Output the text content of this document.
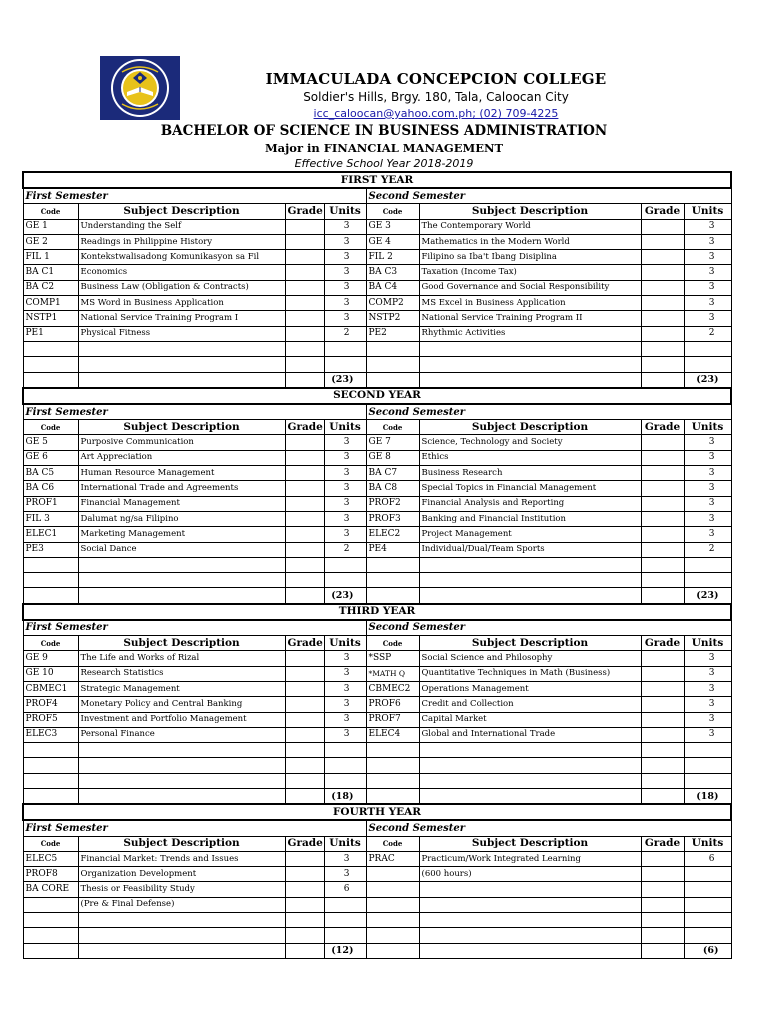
IMMACULADA CONCEPCION COLLEGE
Soldier's Hills, Brgy. 180, Tala, Caloocan City
icc_caloocan@yahoo.com.ph; (02) 709-4225
BACHELOR OF SCIENCE IN BUSINESS ADMINISTRATION
Major in FINANCIAL MANAGEMENT
Effective School Year 2018-2019
FIRST YEAR							
First Semester				Second Semester			
Code	Subject Description	Grade	Units	Code	Subject Description	Grade	Units
GE 1	Understanding the Self		3	GE 3	The Contemporary World		3
GE 2	Readings in Philippine History		3	GE 4	Mathematics in the Modern World		3
FIL 1	Kontekstwalisadong Komunikasyon sa Fil		3	FIL 2	Filipino sa Iba't Ibang Disiplina		3
BA C1	Economics		3	BA C3	Taxation (Income Tax)		3
BA C2	Business Law (Obligation & Contracts)		3	BA C4	Good Governance and Social Responsibility		3
COMP1	MS Word in Business Application		3	COMP2	MS Excel in Business Application		3
NSTP1	National Service Training Program I		3	NSTP2	National Service Training Program II		3
PE1	Physical Fitness		2	PE2	Rhythmic Activities		2

			(23)				(23)
SECOND YEAR							
First Semester				Second Semester			
Code	Subject Description	Grade	Units	Code	Subject Description	Grade	Units
GE 5	Purposive Communication		3	GE 7	Science, Technology and Society		3
GE 6	Art Appreciation		3	GE 8	Ethics		3
BA C5	Human Resource Management		3	BA C7	Business Research		3
BA C6	International Trade and Agreements		3	BA C8	Special Topics in Financial Management		3
PROF1	Financial Management		3	PROF2	Financial Analysis and Reporting		3
FIL 3	Dalumat ng/sa Filipino		3	PROF3	Banking and Financial Institution		3
ELEC1	Marketing Management		3	ELEC2	Project Management		3
PE3	Social Dance		2	PE4	Individual/Dual/Team Sports		2

			(23)				(23)
THIRD YEAR							
First Semester				Second Semester			
Code	Subject Description	Grade	Units	Code	Subject Description	Grade	Units
GE 9	The Life and Works of Rizal		3	*SSP	Social Science and Philosophy		3
GE 10	Research Statistics		3	*MATH Q	Quantitative Techniques in Math (Business)		3
CBMEC1	Strategic Management		3	CBMEC2	Operations Management		3
PROF4	Monetary Policy and Central Banking		3	PROF6	Credit and Collection		3
PROF5	Investment and Portfolio Management		3	PROF7	Capital Market		3
ELEC3	Personal Finance		3	ELEC4	Global and International Trade		3

			(18)				(18)
FOURTH YEAR							
First Semester				Second Semester			
Code	Subject Description	Grade	Units	Code	Subject Description	Grade	Units
ELEC5	Financial Market: Trends and Issues		3	PRAC	Practicum/Work Integrated Learning		6
PROF8	Organization Development		3		(600 hours)		
BA CORE	Thesis or Feasibility Study		6				
	(Pre & Final Defense)						

			(12)				(6)
